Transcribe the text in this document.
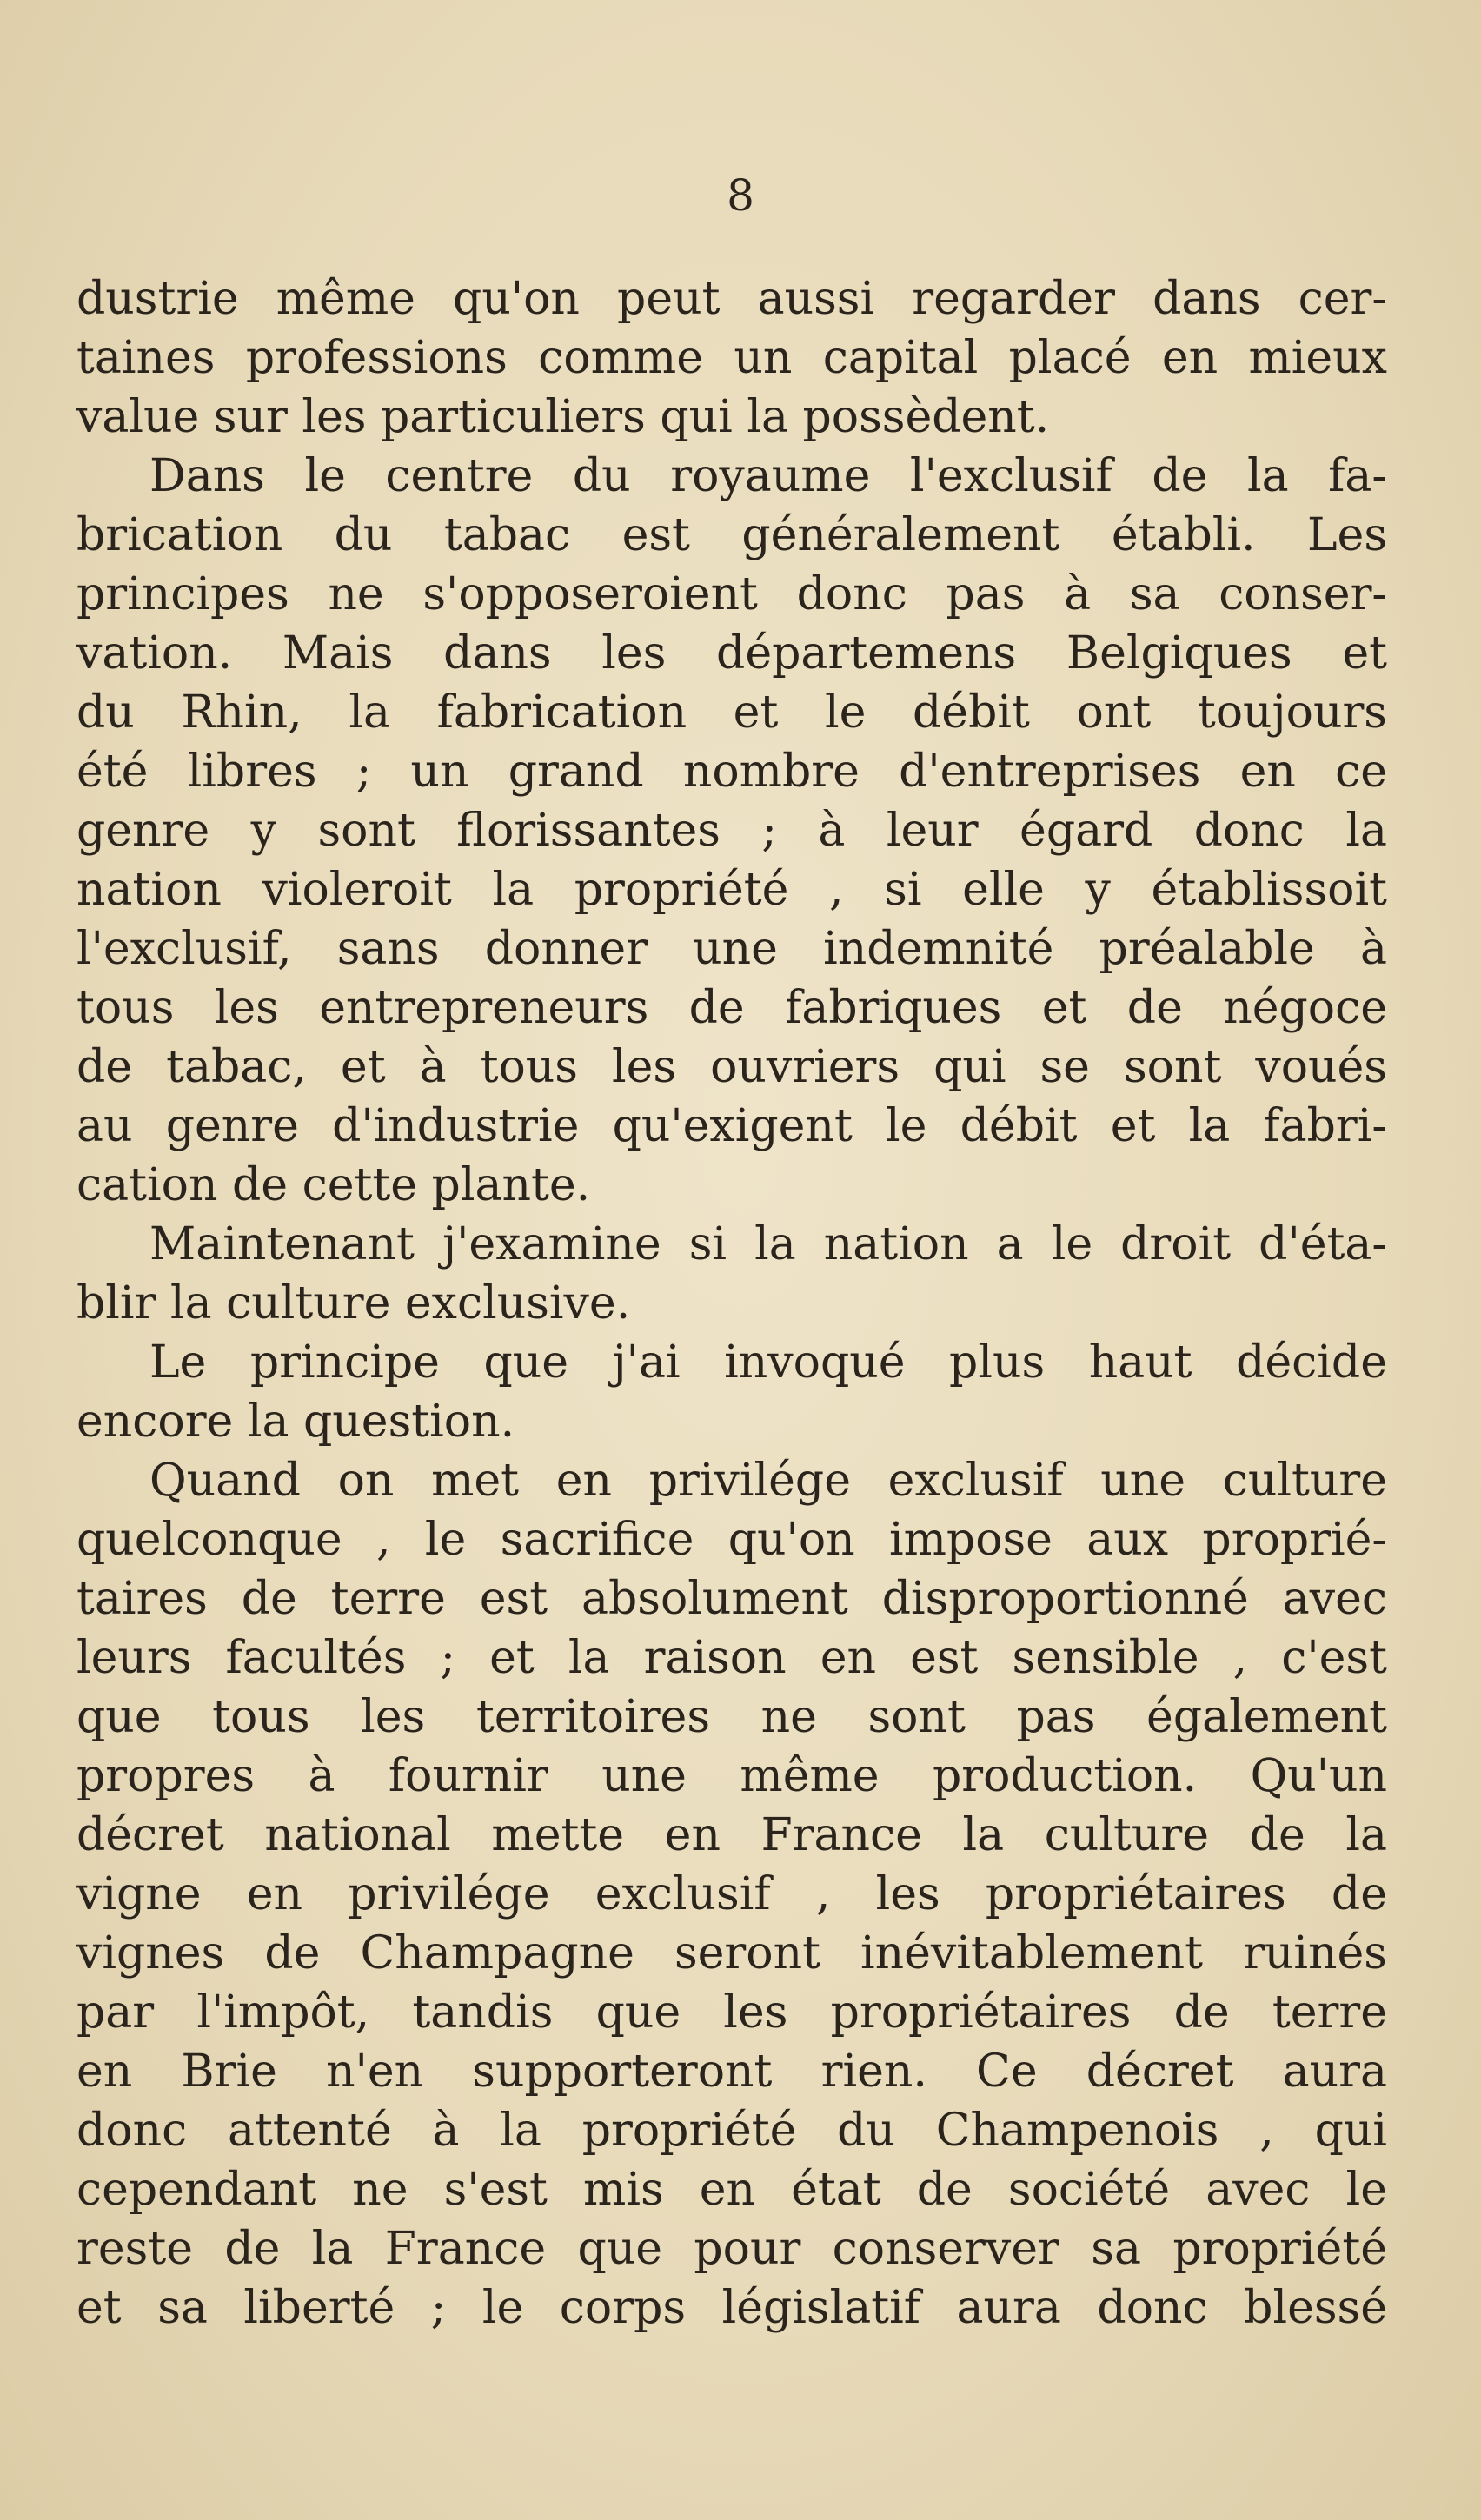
8
dustrie même qu'on peut aussi regarder dans cer-
taines professions comme un capital placé en mieux
value sur les particuliers qui la possèdent.
Dans le centre du royaume l'exclusif de la fa-
brication du tabac est généralement établi. Les
principes ne s'opposeroient donc pas à sa conser-
vation. Mais dans les départemens Belgiques et
du Rhin, la fabrication et le débit ont toujours
été libres ; un grand nombre d'entreprises en ce
genre y sont florissantes ; à leur égard donc la
nation violeroit la propriété , si elle y établissoit
l'exclusif, sans donner une indemnité préalable à
tous les entrepreneurs de fabriques et de négoce
de tabac, et à tous les ouvriers qui se sont voués
au genre d'industrie qu'exigent le débit et la fabri-
cation de cette plante.
Maintenant j'examine si la nation a le droit d'éta-
blir la culture exclusive.
Le principe que j'ai invoqué plus haut décide
encore la question.
Quand on met en privilége exclusif une culture
quelconque , le sacrifice qu'on impose aux proprié-
taires de terre est absolument disproportionné avec
leurs facultés ; et la raison en est sensible , c'est
que tous les territoires ne sont pas également
propres à fournir une même production. Qu'un
décret national mette en France la culture de la
vigne en privilége exclusif , les propriétaires de
vignes de Champagne seront inévitablement ruinés
par l'impôt, tandis que les propriétaires de terre
en Brie n'en supporteront rien. Ce décret aura
donc attenté à la propriété du Champenois , qui
cependant ne s'est mis en état de société avec le
reste de la France que pour conserver sa propriété
et sa liberté ; le corps législatif aura donc blessé
